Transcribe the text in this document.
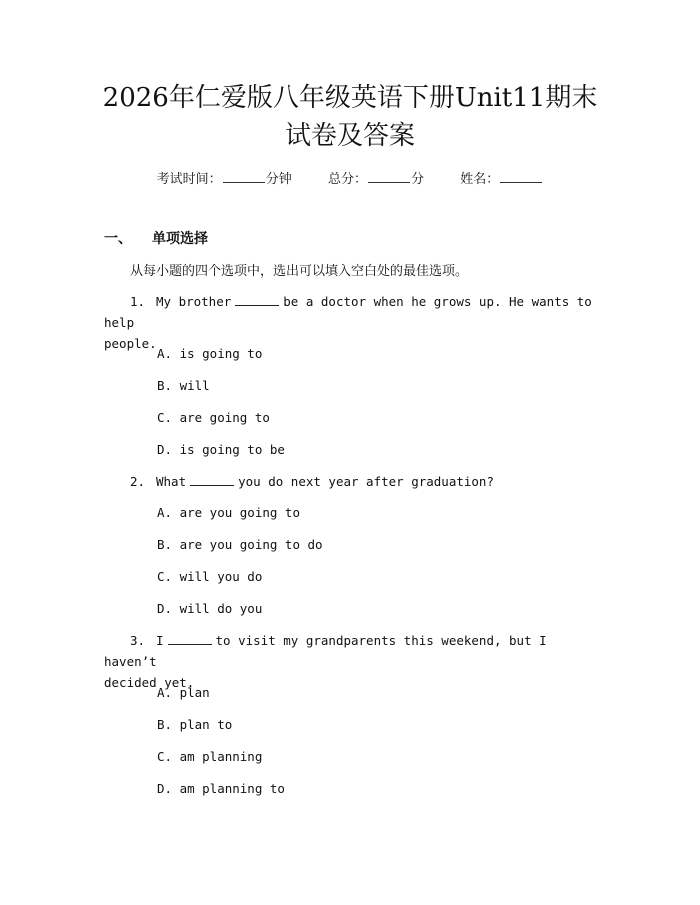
2026年仁爱版八年级英语下册Unit11期末
试卷及答案
考试时间：	分钟	总分：	分	姓名：
一、 单项选择
从每小题的四个选项中，选出可以填入空白处的最佳选项。
1. My brother	be a doctor when he grows up. He wants to help
people.
A. is going to
B. will
C. are going to
D. is going to be
2. What	you do next year after graduation?
A. are you going to
B. are you going to do
C. will you do
D. will do you
3. I	to visit my grandparents this weekend, but I haven’t
decided yet.
A. plan
B. plan to
C. am planning
D. am planning to
